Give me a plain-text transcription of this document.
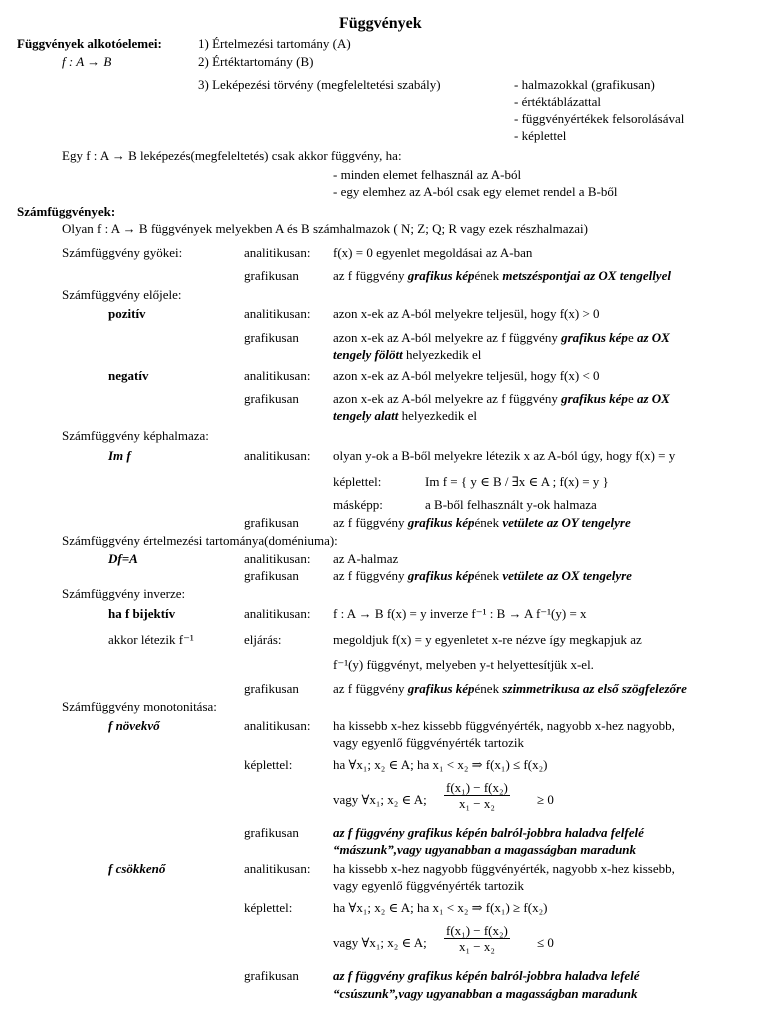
Függvények
Függvények alkotóelemei:
f : A → B
1) Értelmezési tartomány (A)
2) Értéktartomány (B)
3) Leképezési törvény (megfeleltetési szabály)	- halmazokkal (grafikusan)
- értéktáblázattal
- függvényértékek felsorolásával
- képlettel
Egy f : A → B leképezés(megfeleltetés) csak akkor függvény, ha:
- minden elemet felhasznál az A-ból
- egy elemhez az A-ból csak egy elemet rendel a B-ből
Számfüggvények:
Olyan f : A → B függvények melyekben A és B számhalmazok ( N; Z; Q; R vagy ezek részhalmazai)
Számfüggvény gyökei:	analitikusan: f(x) = 0 egyenlet megoldásai az A-ban
grafikusan	az f függvény grafikus képének metszéspontjai az OX tengellyel
Számfüggvény előjele:
pozitív	analitikusan: azon x-ek az A-ból melyekre teljesül, hogy f(x) > 0
grafikusan	azon x-ek az A-ból melyekre az f függvény grafikus képe az OX
tengely fölött helyezkedik el
negatív	analitikusan: azon x-ek az A-ból melyekre teljesül, hogy f(x) < 0
grafikusan	azon x-ek az A-ból melyekre az f függvény grafikus képe az OX
tengely alatt helyezkedik el
Számfüggvény képhalmaza:
Im f	analitikusan: olyan y-ok a B-ből melyekre létezik x az A-ból úgy, hogy f(x) = y
képlettel:	Im f = { y ∈ B / ∃x ∈ A ; f(x) = y }
másképp:	a B-ből felhasznált y-ok halmaza
grafikusan	az f függvény grafikus képének vetülete az OY tengelyre
Számfüggvény értelmezési tartománya(doméniuma):
Df=A	analitikusan: az A-halmaz
grafikusan	az f függvény grafikus képének vetülete az OX tengelyre
Számfüggvény inverze:
ha f bijektív	analitikusan: f : A → B f(x) = y inverze f⁻¹ : B → A f⁻¹(y) = x
akkor létezik f⁻¹	eljárás:	megoldjuk f(x) = y egyenletet x-re nézve így megkapjuk az
f⁻¹(y) függvényt, melyeben y-t helyettesítjük x-el.
grafikusan	az f függvény grafikus képének szimmetrikusa az első szögfelezőre
Számfüggvény monotonitása:
f növekvő	analitikusan: ha kissebb x-hez kissebb függvényérték, nagyobb x-hez nagyobb,
vagy egyenlő függvényérték tartozik
képlettel:	ha ∀x₁; x₂ ∈ A; ha x₁ < x₂ ⇒ f(x₁) ≤ f(x₂)
vagy ∀x₁; x₂ ∈ A; $\frac{\text{f(x₁) − f(x₂)}}{\text{x₁ − x₂}} \ge 0$
grafikusan	az f függvény grafikus képén balról-jobbra haladva felfelé
“mászunk”,vagy ugyanabban a magasságban maradunk
f csökkenő	analitikusan: ha kissebb x-hez nagyobb függvényérték, nagyobb x-hez kissebb,
vagy egyenlő függvényérték tartozik
képlettel:	ha ∀x₁; x₂ ∈ A; ha x₁ < x₂ ⇒ f(x₁) ≥ f(x₂)
vagy ∀x₁; x₂ ∈ A; $\frac{\text{f(x₁) − f(x₂)}}{\text{x₁ − x₂}} \le 0$
grafikusan	az f függvény grafikus képén balról-jobbra haladva lefelé
“csúszunk”,vagy ugyanabban a magasságban maradunk
